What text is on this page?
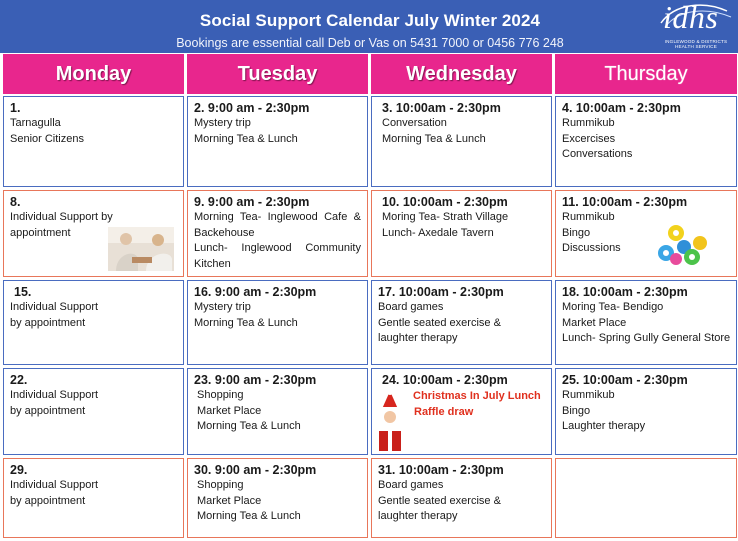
Social Support Calendar July Winter 2024
Bookings are essential call Deb or Vas on 5431 7000 or 0456 776 248
idhs
INGLEWOOD & DISTRICTS HEALTH SERVICE
Monday	Tuesday	Wednesday	Thursday
1.
Tarnagulla
Senior Citizens
2. 9:00 am - 2:30pm
Mystery trip
Morning Tea & Lunch
3. 10:00am - 2:30pm
Conversation
Morning Tea & Lunch
4. 10:00am - 2:30pm
Rummikub
Excercises
Conversations
8.
Individual Support by
appointment
9. 9:00 am - 2:30pm
Morning Tea- Inglewood Cafe &
Backehouse
Lunch- Inglewood Community
Kitchen
10. 10:00am - 2:30pm
Moring Tea- Strath Village
Lunch- Axedale Tavern
11. 10:00am - 2:30pm
Rummikub
Bingo
Discussions
15.
Individual Support
by appointment
16. 9:00 am - 2:30pm
Mystery trip
Morning Tea & Lunch
17. 10:00am - 2:30pm
Board games
Gentle seated exercise &
laughter therapy
18. 10:00am - 2:30pm
Moring Tea- Bendigo
Market Place
Lunch- Spring Gully General Store
22.
Individual Support
by appointment
23. 9:00 am - 2:30pm
Shopping
Market Place
Morning Tea & Lunch
24. 10:00am - 2:30pm
Christmas In July Lunch
Raffle draw
25. 10:00am - 2:30pm
Rummikub
Bingo
Laughter therapy
29.
Individual Support
by appointment
30. 9:00 am - 2:30pm
Shopping
Market Place
Morning Tea & Lunch
31. 10:00am - 2:30pm
Board games
Gentle seated exercise &
laughter therapy
